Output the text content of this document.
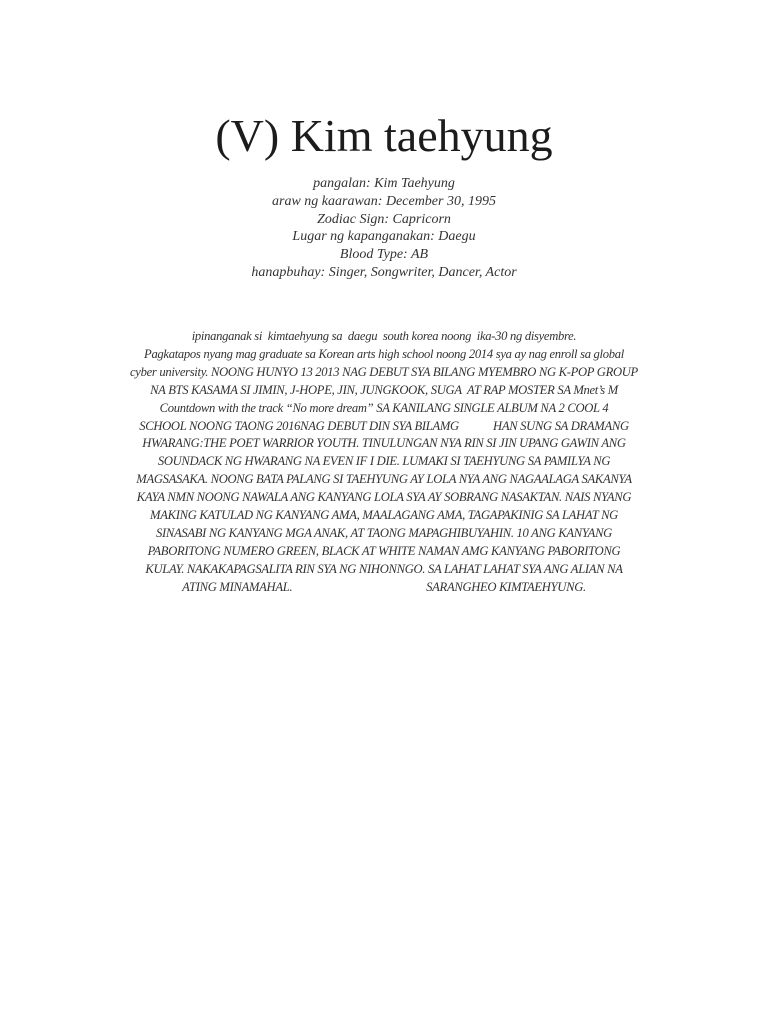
(V) Kim taehyung
pangalan: Kim Taehyung
araw ng kaarawan: December 30, 1995
Zodiac Sign: Capricorn
Lugar ng kapanganakan: Daegu
Blood Type: AB
hanapbuhay: Singer, Songwriter, Dancer, Actor
ipinanganak si  kimtaehyung sa  daegu  south korea noong  ika-30 ng disyembre.
Pagkatapos nyang mag graduate sa Korean arts high school noong 2014 sya ay nag enroll sa global
cyber university. NOONG HUNYO 13 2013 NAG DEBUT SYA BILANG MYEMBRO NG K-POP GROUP
NA BTS KASAMA SI JIMIN, J-HOPE, JIN, JUNGKOOK, SUGA  AT RAP MOSTER SA Mnet’s M
Countdown with the track “No more dream” SA KANILANG SINGLE ALBUM NA 2 COOL 4
SCHOOL NOONG TAONG 2016NAG DEBUT DIN SYA BILAMG            HAN SUNG SA DRAMANG
HWARANG:THE POET WARRIOR YOUTH. TINULUNGAN NYA RIN SI JIN UPANG GAWIN ANG
SOUNDACK NG HWARANG NA EVEN IF I DIE. LUMAKI SI TAEHYUNG SA PAMILYA NG
MAGSASAKA. NOONG BATA PALANG SI TAEHYUNG AY LOLA NYA ANG NAGAALAGA SAKANYA
KAYA NMN NOONG NAWALA ANG KANYANG LOLA SYA AY SOBRANG NASAKTAN. NAIS NYANG
MAKING KATULAD NG KANYANG AMA, MAALAGANG AMA, TAGAPAKINIG SA LAHAT NG
SINASABI NG KANYANG MGA ANAK, AT TAONG MAPAGHIBUYAHIN. 10 ANG KANYANG
PABORITONG NUMERO GREEN, BLACK AT WHITE NAMAN AMG KANYANG PABORITONG
KULAY. NAKAKAPAGSALITA RIN SYA NG NIHONNGO. SA LAHAT LAHAT SYA ANG ALIAN NA
ATING MINAMAHAL.                                               SARANGHEO KIMTAEHYUNG.
